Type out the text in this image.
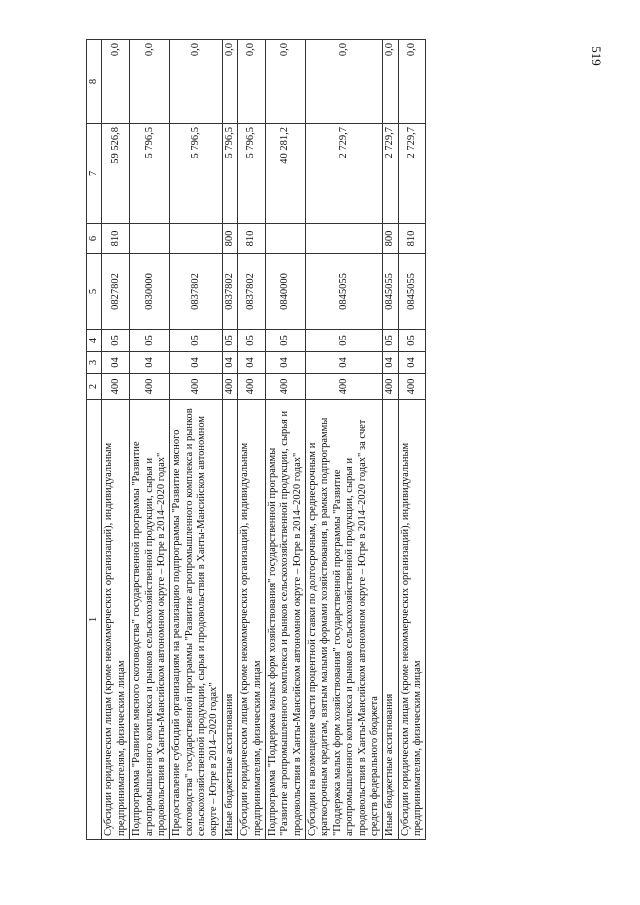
519
1	2	3	4	5	6	7	8
Субсидии юридическим лицам (кроме некоммерческих организаций), индивидуальным предпринимателям, физическим лицам	400	04	05	0827802	810	59 526,8	0,0
Подпрограмма "Развитие мясного скотоводства" государственной программы "Развитие агропромышленного комплекса и рынков сельскохозяйственной продукции, сырья и продовольствия в Ханты-Мансийском автономном округе – Югре в 2014–2020 годах"	400	04	05	0830000		5 796,5	0,0
Предоставление субсидий организациям на реализацию подпрограммы "Развитие мясного скотоводства" государственной программы "Развитие агропромышленного комплекса и рынков сельскохозяйственной продукции, сырья и продовольствия в Ханты-Мансийском автономном округе – Югре в 2014–2020 годах"	400	04	05	0837802		5 796,5	0,0
Иные бюджетные ассигнования	400	04	05	0837802	800	5 796,5	0,0
Субсидии юридическим лицам (кроме некоммерческих организаций), индивидуальным предпринимателям, физическим лицам	400	04	05	0837802	810	5 796,5	0,0
Подпрограмма "Поддержка малых форм хозяйствования" государственной программы "Развитие агропромышленного комплекса и рынков сельскохозяйственной продукции, сырья и продовольствия в Ханты-Мансийском автономном округе – Югре в 2014–2020 годах"	400	04	05	0840000		40 281,2	0,0
Субсидии на возмещение части процентной ставки по долгосрочным, среднесрочным и краткосрочным кредитам, взятым малыми формами хозяйствования, в рамках подпрограммы "Поддержка малых форм хозяйствования" государственной программы "Развитие агропромышленного комплекса и рынков сельскохозяйственной продукции, сырья и продовольствия в Ханты-Мансийском автономном округе – Югре в 2014–2020 годах" за счет средств федерального бюджета	400	04	05	0845055		2 729,7	0,0
Иные бюджетные ассигнования	400	04	05	0845055	800	2 729,7	0,0
Субсидии юридическим лицам (кроме некоммерческих организаций), индивидуальным предпринимателям, физическим лицам	400	04	05	0845055	810	2 729,7	0,0
